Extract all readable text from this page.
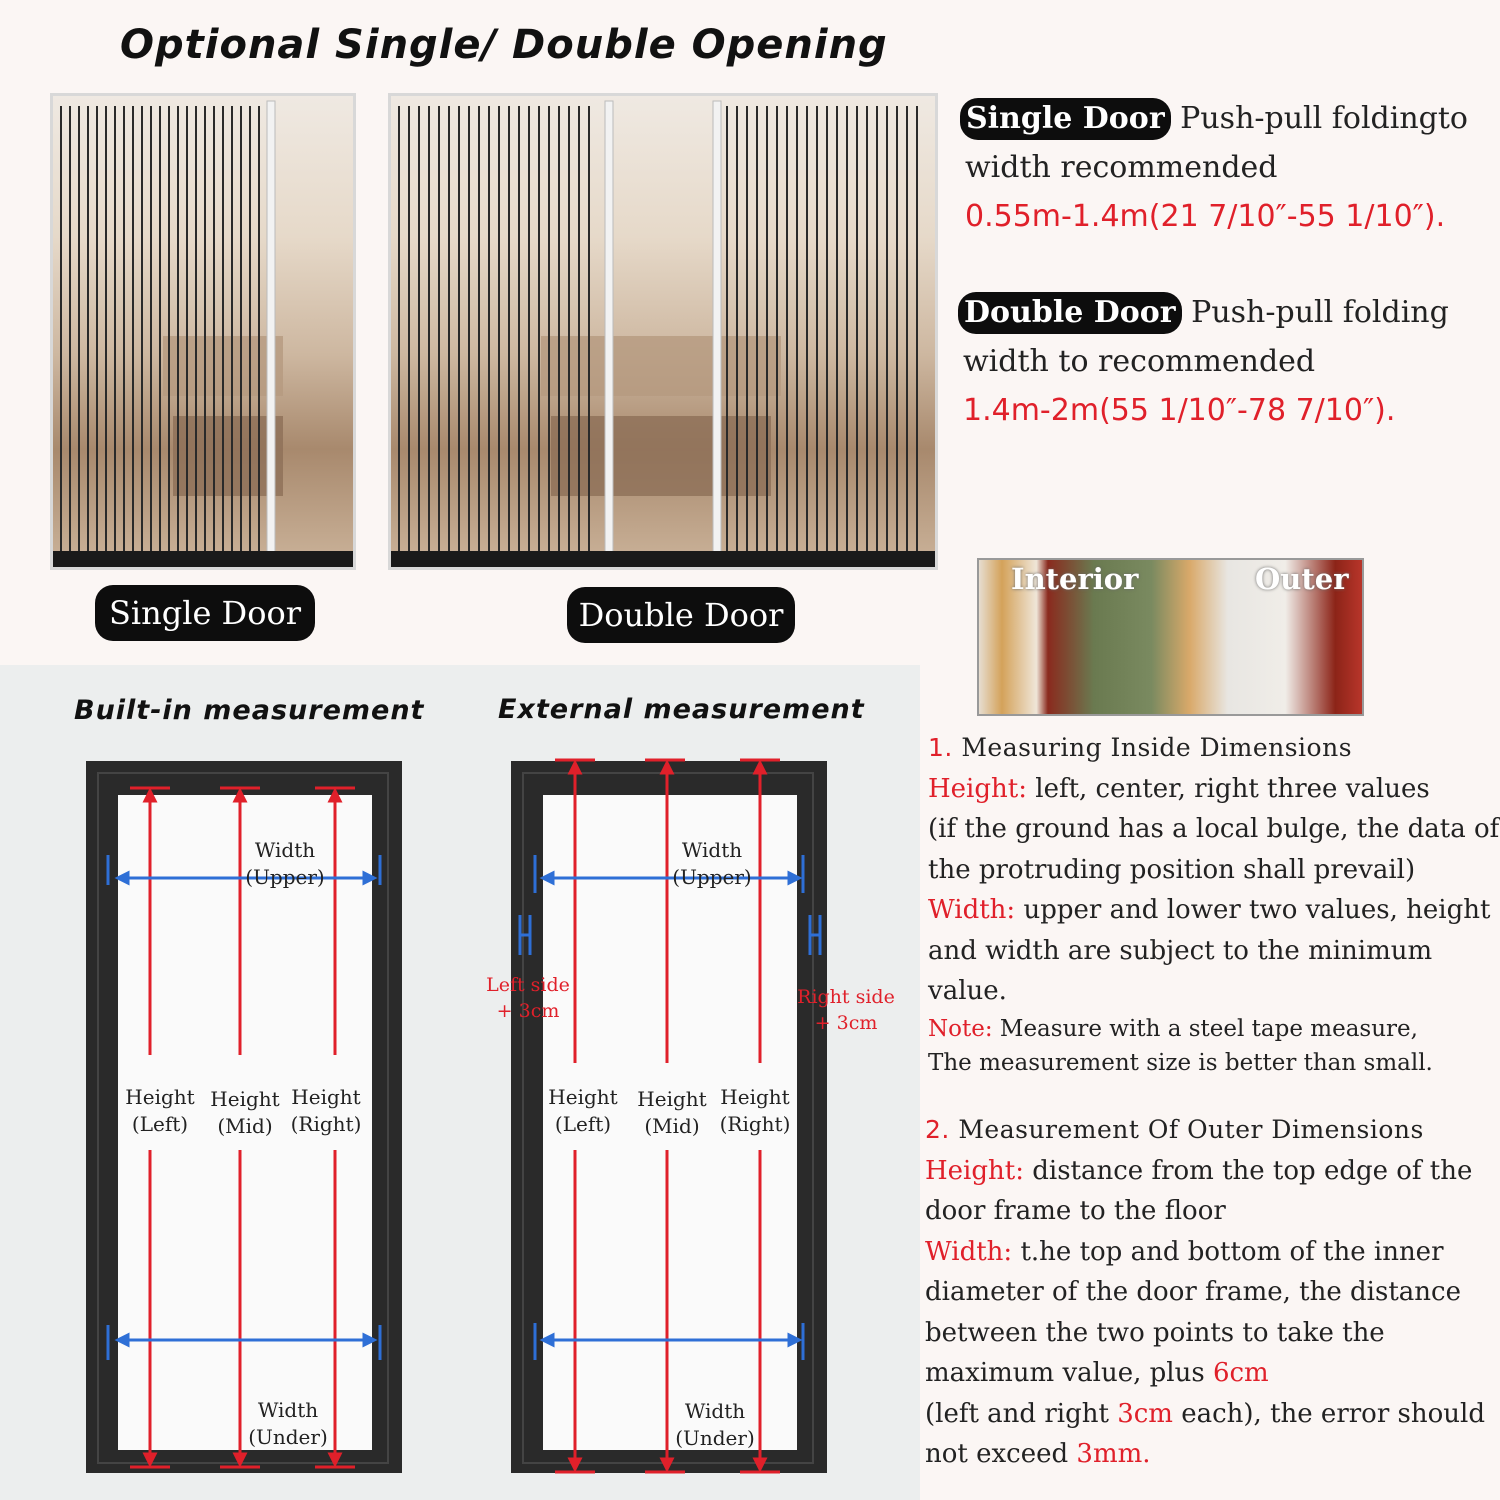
Optional Single/ Double Opening
Single Door	Double Door
Single Door Push-pull foldingto
width recommended
0.55m-1.4m(21 7/10″-55 1/10″).
Double Door Push-pull folding
width to recommended
1.4m-2m(55 1/10″-78 7/10″).
Interior	Outer
Built-in measurement	External measurement
Width
(Upper)
Width
(Under)
Height
(Left)
Height
(Mid)
Height
(Right)
Width
(Upper)
Width
(Under)
Height
(Left)
Height
(Mid)
Height
(Right)
Left side
+ 3cm
Right side
+ 3cm
1. Measuring Inside Dimensions
Height: left, center, right three values
(if the ground has a local bulge, the data of
the protruding position shall prevail)
Width: upper and lower two values, height
and width are subject to the minimum
value.
Note: Measure with a steel tape measure,
The measurement size is better than small.
2. Measurement Of Outer Dimensions
Height: distance from the top edge of the
door frame to the floor
Width: t.he top and bottom of the inner
diameter of the door frame, the distance
between the two points to take the
maximum value, plus 6cm
(left and right 3cm each), the error should
not exceed 3mm.
